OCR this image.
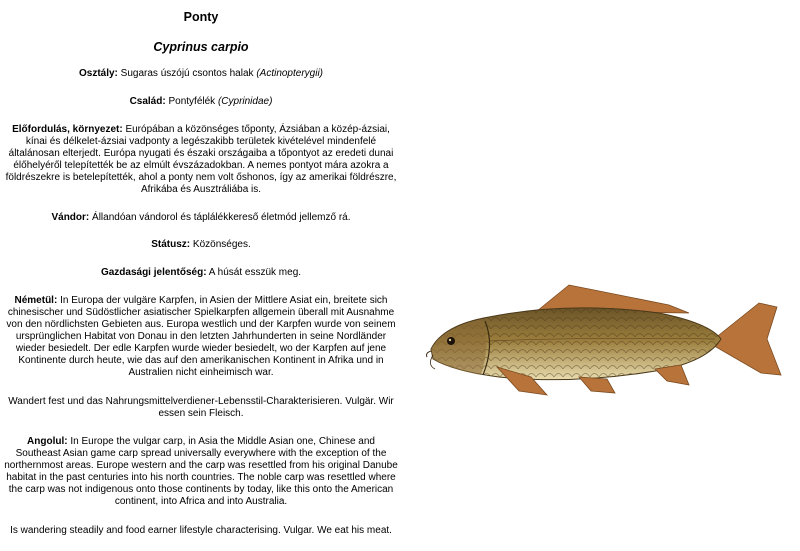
Ponty

Cyprinus carpio

Osztály: Sugaras úszójú csontos halak (Actinopterygii)

Család: Pontyfélék (Cyprinidae)

Előfordulás, környezet: Európában a közönséges tőponty, Ázsiában a közép-ázsiai, kínai és délkelet-ázsiai vadponty a legészakibb területek kivételével mindenfelé általánosan elterjedt. Európa nyugati és északi országaiba a tőpontyot az eredeti dunai élőhelyéről telepítették be az elmúlt évszázadokban. A nemes pontyot mára azokra a földrészekre is betelepítették, ahol a ponty nem volt őshonos, így az amerikai földrészre, Afrikába és Ausztráliába is.

Vándor: Állandóan vándorol és táplálékkereső életmód jellemző rá.

Státusz: Közönséges.

Gazdasági jelentőség: A húsát esszük meg.

Németül: In Europa der vulgäre Karpfen, in Asien der Mittlere Asiat ein, breitete sich chinesischer und Südöstlicher asiatischer Spielkarpfen allgemein überall mit Ausnahme von den nördlichsten Gebieten aus. Europa westlich und der Karpfen wurde von seinem ursprünglichen Habitat von Donau in den letzten Jahrhunderten in seine Nordländer wieder besiedelt. Der edle Karpfen wurde wieder besiedelt, wo der Karpfen auf jene Kontinente durch heute, wie das auf den amerikanischen Kontinent in Afrika und in Australien nicht einheimisch war.

Wandert fest und das Nahrungsmittelverdiener-Lebensstil-Charakterisieren. Vulgär. Wir essen sein Fleisch.

Angolul: In Europe the vulgar carp, in Asia the Middle Asian one, Chinese and Southeast Asian game carp spread universally everywhere with the exception of the northernmost areas. Europe western and the carp was resettled from his original Danube habitat in the past centuries into his north countries. The noble carp was resettled where the carp was not indigenous onto those continents by today, like this onto the American continent, into Africa and into Australia.

Is wandering steadily and food earner lifestyle characterising. Vulgar. We eat his meat.
